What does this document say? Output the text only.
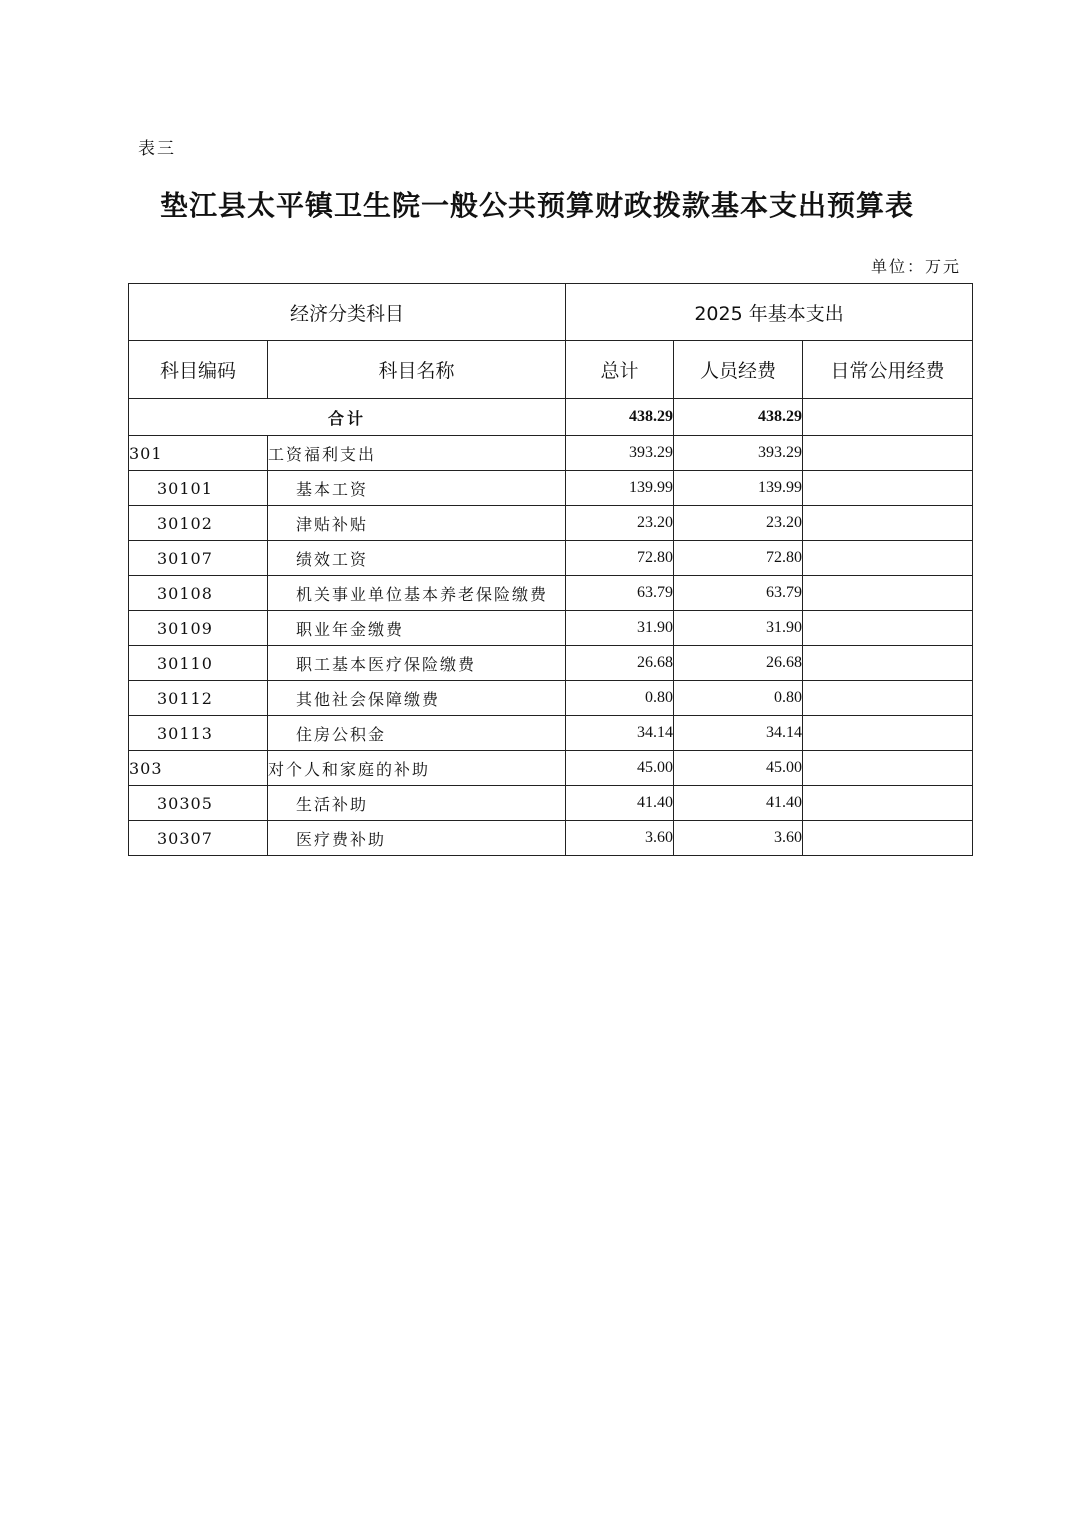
表三
垫江县太平镇卫生院一般公共预算财政拨款基本支出预算表
单位：万元
经济分类科目		2025 年基本支出		
科目编码	科目名称	总计	人员经费	日常公用经费
合计		438.29	438.29	
301	工资福利支出	393.29	393.29	
30101	基本工资	139.99	139.99	
30102	津贴补贴	23.20	23.20	
30107	绩效工资	72.80	72.80	
30108	机关事业单位基本养老保险缴费	63.79	63.79	
30109	职业年金缴费	31.90	31.90	
30110	职工基本医疗保险缴费	26.68	26.68	
30112	其他社会保障缴费	0.80	0.80	
30113	住房公积金	34.14	34.14	
303	对个人和家庭的补助	45.00	45.00	
30305	生活补助	41.40	41.40	
30307	医疗费补助	3.60	3.60	
